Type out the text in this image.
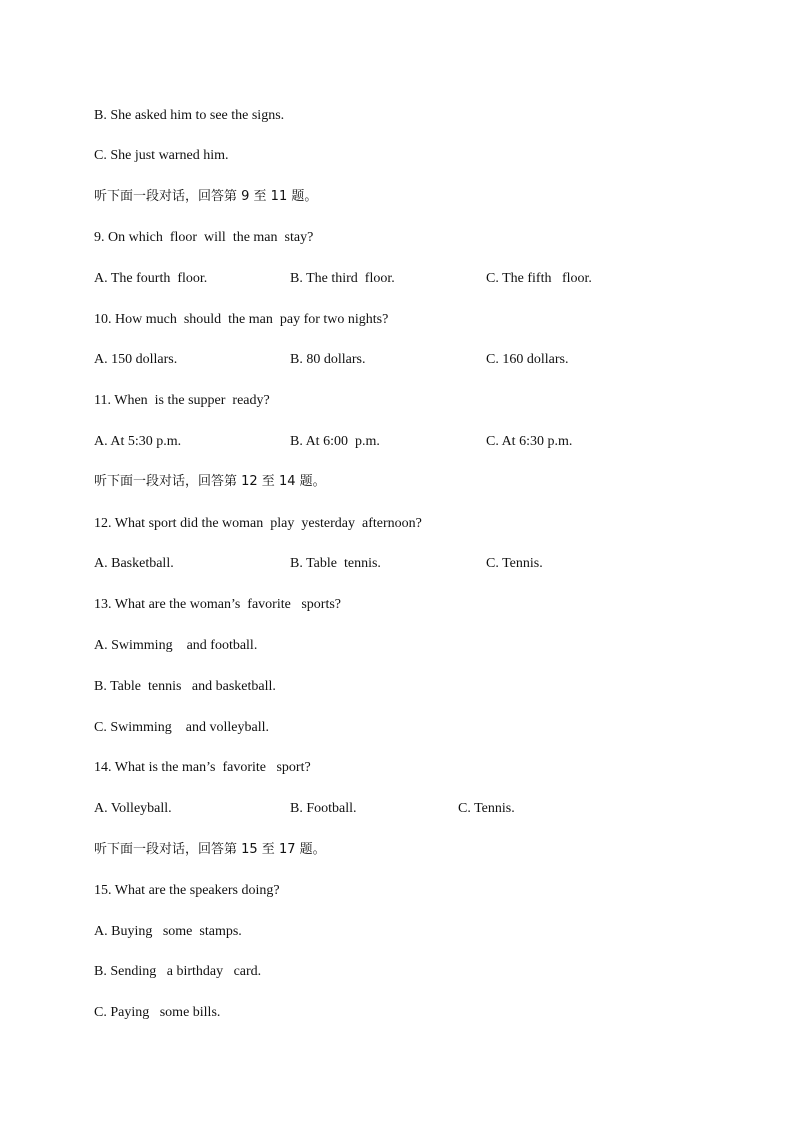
B. She asked him to see the signs.
C. She just warned him.
听下面一段对话，回答第 9 至 11 题。
9. On which  floor  will  the man  stay?
A. The fourth  floor.	B. The third  floor.	C. The fifth   floor.
10. How much  should  the man  pay for two nights?
A. 150 dollars.	B. 80 dollars.	C. 160 dollars.
11. When  is the supper  ready?
A. At 5:30 p.m.	B. At 6:00  p.m.	C. At 6:30 p.m.
听下面一段对话，回答第 12 至 14 题。
12. What sport did the woman  play  yesterday  afternoon?
A. Basketball.	B. Table  tennis.	C. Tennis.
13. What are the woman’s  favorite   sports?
A. Swimming    and football.
B. Table  tennis   and basketball.
C. Swimming    and volleyball.
14. What is the man’s  favorite   sport?
A. Volleyball.	B. Football.	C. Tennis.
听下面一段对话，回答第 15 至 17 题。
15. What are the speakers doing?
A. Buying   some  stamps.
B. Sending   a birthday   card.
C. Paying   some bills.
